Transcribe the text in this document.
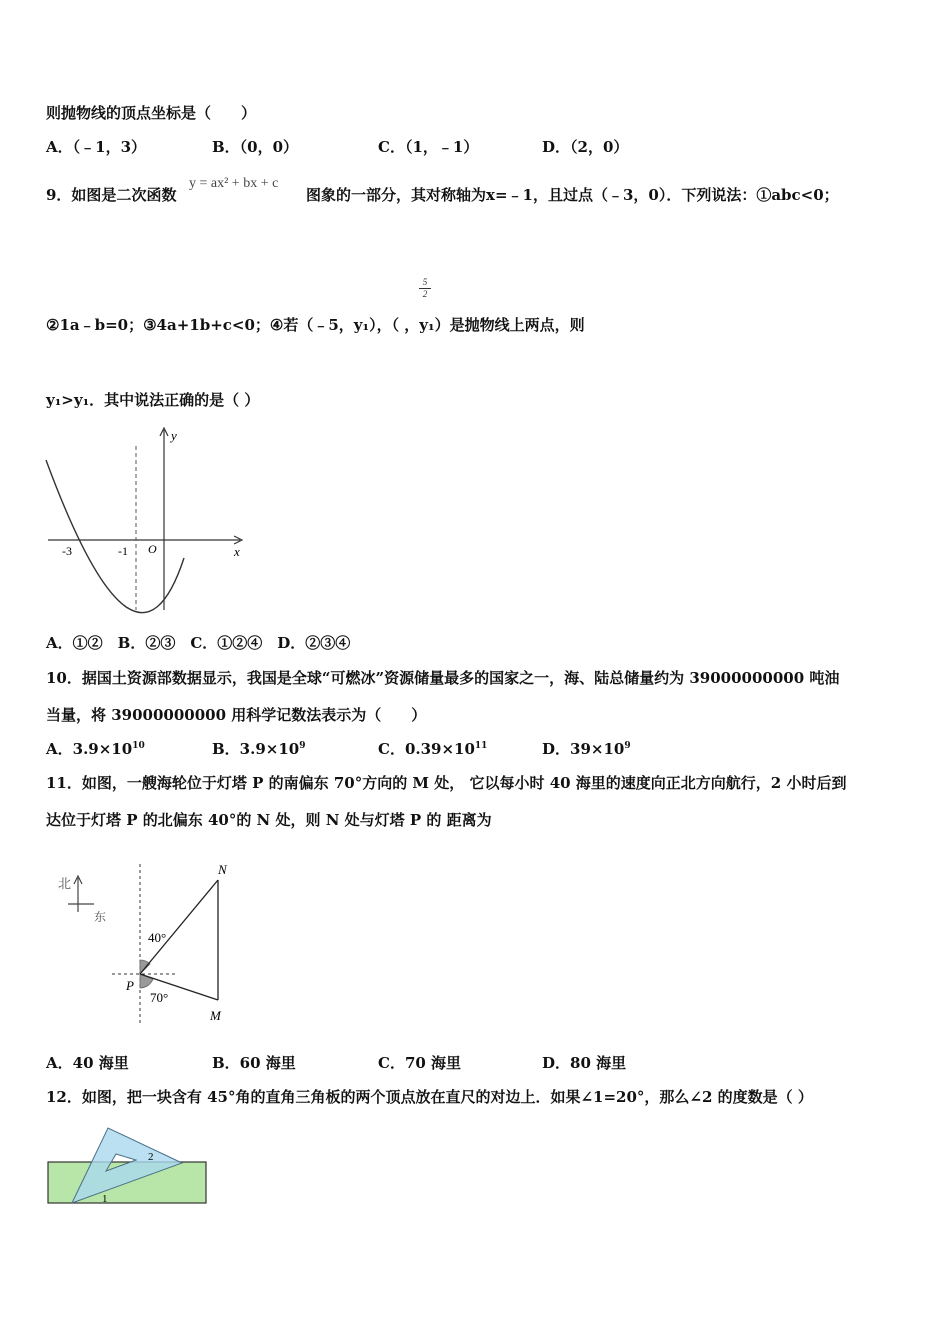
则抛物线的顶点坐标是（　　）
A．（﹣1，3）	B．（0，0）	C．（1，﹣1）	D．（2，0）
9．如图是二次函数
y = ax² + bx + c
图象的一部分，其对称轴为x=﹣1，且过点（﹣3，0）．下列说法：①abc<0；
$\frac{5}{2}$
②1a﹣b=0；③4a+1b+c<0；④若（﹣5，y₁），（ ，y₁）是抛物线上两点，则
y₁>y₁．其中说法正确的是（ ）
y
x
-3	-1 O
A．①②　B．②③　C．①②④　D．②③④
10．据国土资源部数据显示，我国是全球“可燃冰”资源储量最多的国家之一，海、陆总储量约为 39000000000 吨油
当量，将 39000000000 用科学记数法表示为（　　）
A．$3.9\times 10^{10}$	B．$3.9\times 10^9$	C．$0.39\times 10^{11}$	D．$39\times 10^9$
11．如图，一艘海轮位于灯塔 P 的南偏东 70°方向的 M 处， 它以每小时 40 海里的速度向正北方向航行，2 小时后到
达位于灯塔 P 的北偏东 40°的 N 处，则 N 处与灯塔 P 的 距离为
北
东
40°
70°
P
N
M
A．40 海里	B．60 海里	C．70 海里	D．80 海里
12．如图，把一块含有 45°角的直角三角板的两个顶点放在直尺的对边上．如果∠1=20°，那么∠2 的度数是（ ）
1
2
